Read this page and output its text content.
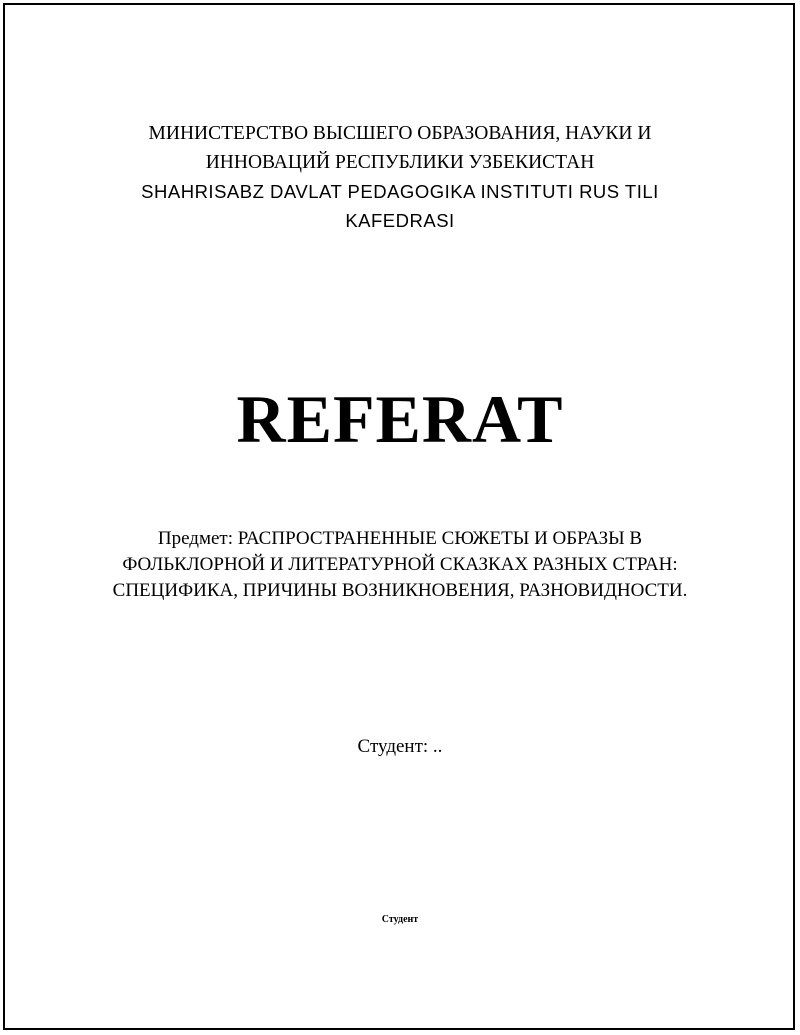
МИНИСТЕРСТВО ВЫСШЕГО ОБРАЗОВАНИЯ, НАУКИ И
ИННОВАЦИЙ РЕСПУБЛИКИ УЗБЕКИСТАН
SHAHRISABZ DAVLAT PEDAGOGIKA INSTITUTI RUS TILI
KAFEDRASI
REFERAT
Предмет: РАСПРОСТРАНЕННЫЕ СЮЖЕТЫ И ОБРАЗЫ В
ФОЛЬКЛОРНОЙ И ЛИТЕРАТУРНОЙ СКАЗКАХ РАЗНЫХ СТРАН:
СПЕЦИФИКА, ПРИЧИНЫ ВОЗНИКНОВЕНИЯ, РАЗНОВИДНОСТИ.
Студент: ..
Студент
